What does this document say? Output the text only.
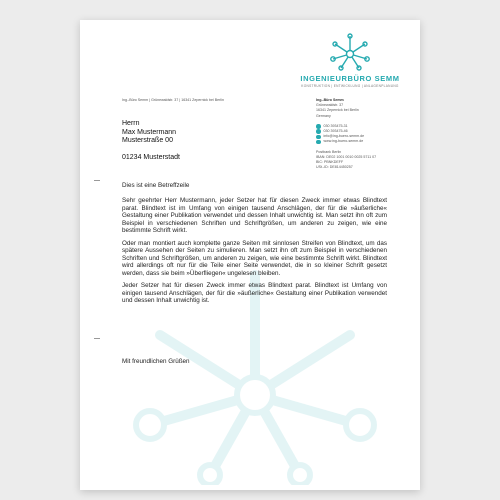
INGENIEURBÜRO SEMM
KONSTRUKTION | ENTWICKLUNG | ANLAGENPLANUNG
Ing.-Büro Semm | Grünewaldstr. 37 | 16341 Zepernick bei Berlin
Herrn
Max Mustermann
Musterstraße 00
01234 Musterstadt
Ing.-Büro Semm
Grünewaldstr. 37
16341 Zepernick bei Berlin
Germany
030 393475-31
030 393475-46
info@ing-buero-semm.de
www.ing-buero-semm.de
Postbank Berlin
IBAN: DE02 1001 0010 0025 5711 07
BIC: PBNKDEFF
USt.-ID: DE814450257

Dies ist eine Betreffzeile

Sehr geehrter Herr Mustermann, jeder Setzer hat für diesen Zweck immer etwas Blindtext parat. Blindtext ist im Umfang von einigen tausend Anschlägen, der für die »äußerliche« Gestaltung einer Publikation verwendet und dessen Inhalt unwichtig ist. Man setzt ihn oft zum Beispiel in verschiedenen Schriften und Schriftgrößen, um anderen zu zeigen, wie eine bestimmte Schrift wirkt.

Oder man montiert auch komplette ganze Seiten mit sinnlosen Streifen von Blindtext, um das spätere Aussehen der Seiten zu simulieren. Man setzt ihn oft zum Beispiel in verschiedenen Schriften und Schriftgrößen, um anderen zu zeigen, wie eine bestimmte Schrift wirkt. Blindtext wird allerdings oft nur für die Teile einer Seite verwendet, die in so kleiner Schrift gesetzt werden, dass sie beim »Überfliegen« ungelesen bleiben.

Jeder Setzer hat für diesen Zweck immer etwas Blindtext parat. Blindtext ist Umfang von einigen tausend Anschlägen, der für die »äußerliche« Gestaltung einer Publikation verwendet und dessen Inhalt unwichtig ist.

Mit freundlichen Grüßen
